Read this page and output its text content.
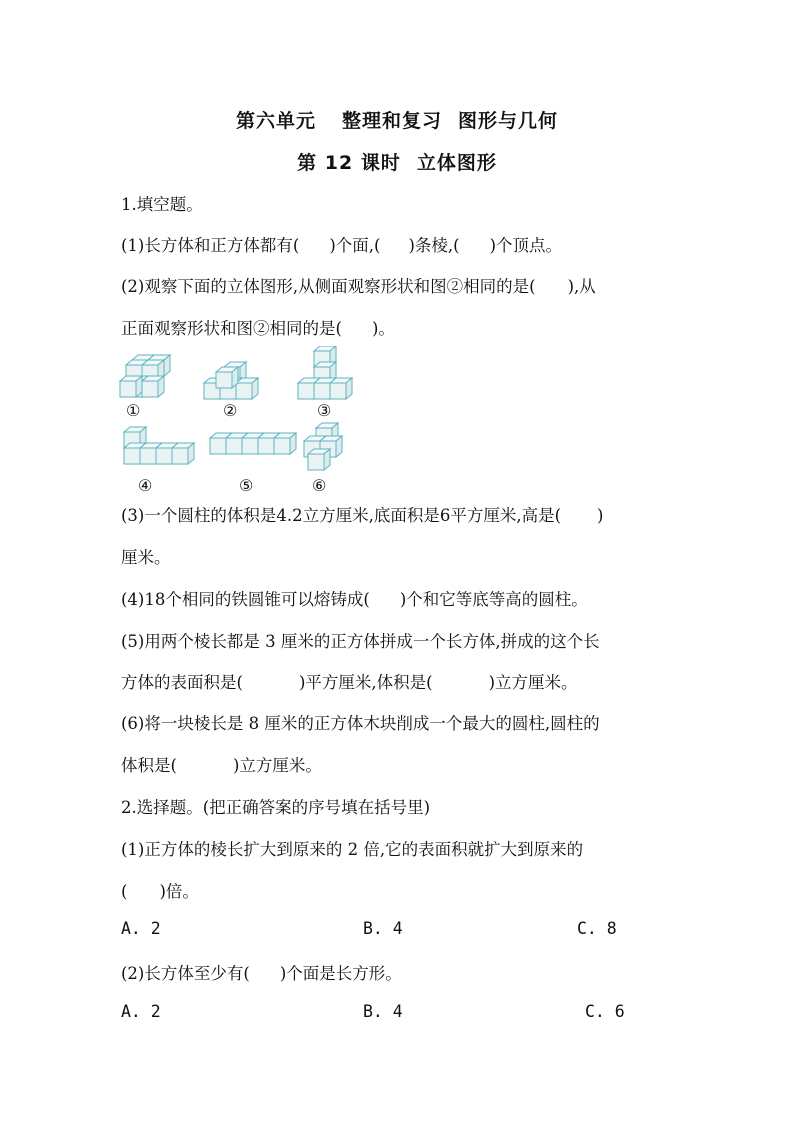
第六单元 整理和复习 图形与几何
第 12 课时 立体图形
1.填空题。
(1)长方体和正方体都有( )个面,( )条棱,( )个顶点。
(2)观察下面的立体图形,从侧面观察形状和图②相同的是( ),从
正面观察形状和图②相同的是( )。
①	②	③
④	⑤	⑥
(3)一个圆柱的体积是4.2立方厘米,底面积是6平方厘米,高是( )
厘米。
(4)18个相同的铁圆锥可以熔铸成( )个和它等底等高的圆柱。
(5)用两个棱长都是 3 厘米的正方体拼成一个长方体,拼成的这个长
方体的表面积是(	)平方厘米,体积是(	)立方厘米。
(6)将一块棱长是 8 厘米的正方体木块削成一个最大的圆柱,圆柱的
体积是(	)立方厘米。
2.选择题。(把正确答案的序号填在括号里)
(1)正方体的棱长扩大到原来的 2 倍,它的表面积就扩大到原来的
( )倍。
A. 2	B. 4	C. 8
(2)长方体至少有( )个面是长方形。
A. 2	B. 4	C. 6
